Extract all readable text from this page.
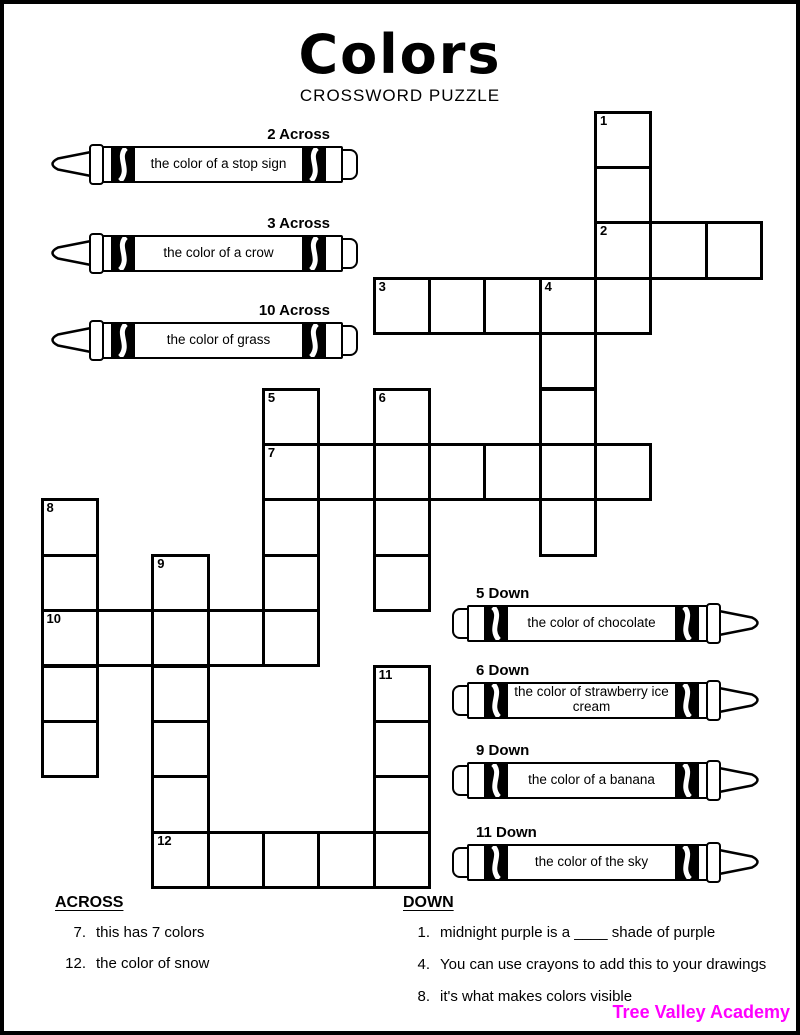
Colors
CROSSWORD PUZZLE
2 Across
the color of a stop sign
3 Across
the color of a crow
10 Across
the color of grass
5 Down
the color of chocolate
6 Down
the color of strawberry ice cream
9 Down
the color of a banana
11 Down
the color of the sky
1
2
3	4
5	6
7
8
9
10
11
12
ACROSS
7. this has 7 colors
12. the color of snow
DOWN
1. midnight purple is a ____ shade of purple
4. You can use crayons to add this to your drawings
8. it's what makes colors visible
Tree Valley Academy
